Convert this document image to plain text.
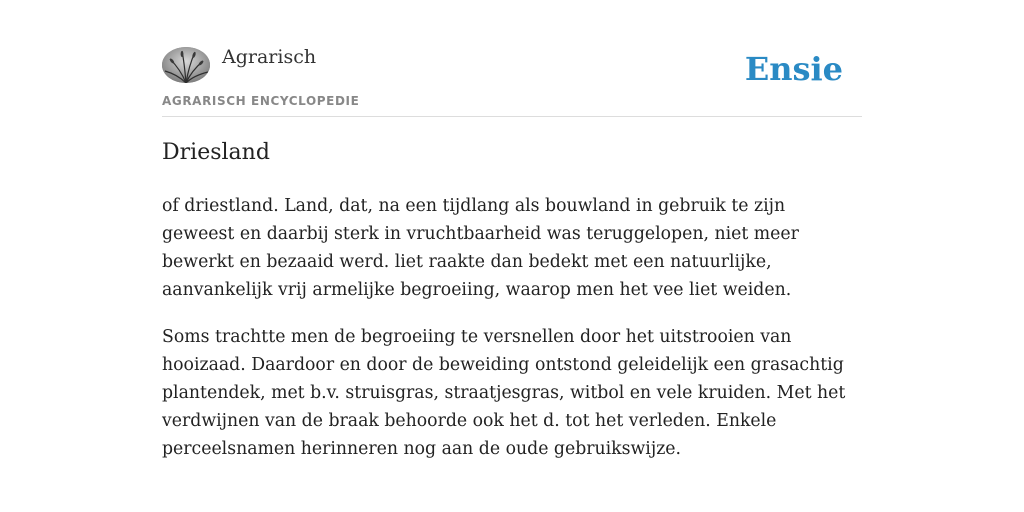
Agrarisch
AGRARISCH ENCYCLOPEDIE
Ensie
Driesland

of driestland. Land, dat, na een tijdlang als bouwland in gebruik te zijn geweest en daarbij sterk in vruchtbaarheid was teruggelopen, niet meer bewerkt en bezaaid werd. liet raakte dan bedekt met een natuurlijke, aanvankelijk vrij armelijke begroeiing, waarop men het vee liet weiden.

Soms trachtte men de begroeiing te versnellen door het uitstrooien van hooizaad. Daardoor en door de beweiding ontstond geleidelijk een grasachtig plantendek, met b.v. struisgras, straatjesgras, witbol en vele kruiden. Met het verdwijnen van de braak behoorde ook het d. tot het verleden. Enkele perceelsnamen herinneren nog aan de oude gebruikswijze.
